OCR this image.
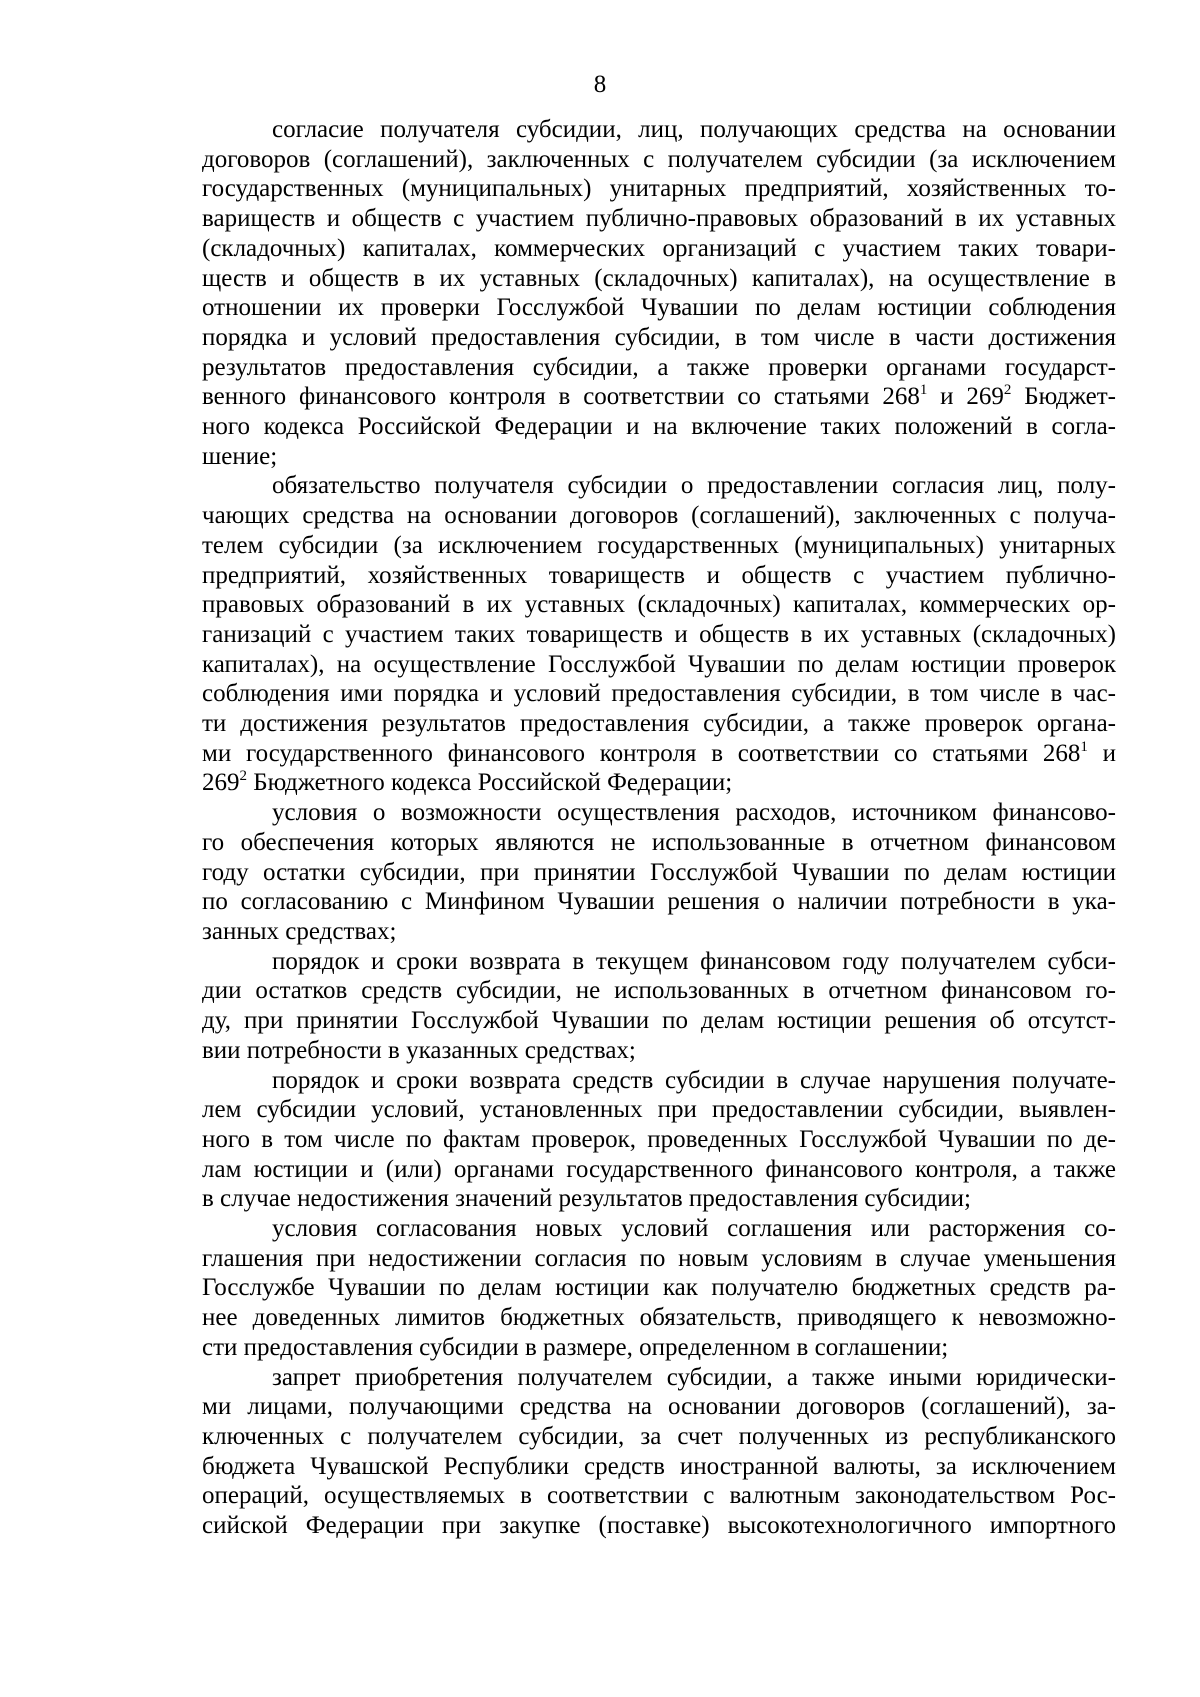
8
согласие получателя субсидии, лиц, получающих средства на основании
договоров (соглашений), заключенных с получателем субсидии (за исключением
государственных (муниципальных) унитарных предприятий, хозяйственных то-
вариществ и обществ с участием публично-правовых образований в их уставных
(складочных) капиталах, коммерческих организаций с участием таких товари-
ществ и обществ в их уставных (складочных) капиталах), на осуществление в
отношении их проверки Госслужбой Чувашии по делам юстиции соблюдения
порядка и условий предоставления субсидии, в том числе в части достижения
результатов предоставления субсидии, а также проверки органами государст-
венного финансового контроля в соответствии со статьями $268^1$ и $269^2$ Бюджет-
ного кодекса Российской Федерации и на включение таких положений в согла-
шение;
обязательство получателя субсидии о предоставлении согласия лиц, полу-
чающих средства на основании договоров (соглашений), заключенных с получа-
телем субсидии (за исключением государственных (муниципальных) унитарных
предприятий, хозяйственных товариществ и обществ с участием публично-
правовых образований в их уставных (складочных) капиталах, коммерческих ор-
ганизаций с участием таких товариществ и обществ в их уставных (складочных)
капиталах), на осуществление Госслужбой Чувашии по делам юстиции проверок
соблюдения ими порядка и условий предоставления субсидии, в том числе в час-
ти достижения результатов предоставления субсидии, а также проверок органа-
ми государственного финансового контроля в соответствии со статьями $268^1$ и
$269^2$ Бюджетного кодекса Российской Федерации;
условия о возможности осуществления расходов, источником финансово-
го обеспечения которых являются не использованные в отчетном финансовом
году остатки субсидии, при принятии Госслужбой Чувашии по делам юстиции
по согласованию с Минфином Чувашии решения о наличии потребности в ука-
занных средствах;
порядок и сроки возврата в текущем финансовом году получателем субси-
дии остатков средств субсидии, не использованных в отчетном финансовом го-
ду, при принятии Госслужбой Чувашии по делам юстиции решения об отсутст-
вии потребности в указанных средствах;
порядок и сроки возврата средств субсидии в случае нарушения получате-
лем субсидии условий, установленных при предоставлении субсидии, выявлен-
ного в том числе по фактам проверок, проведенных Госслужбой Чувашии по де-
лам юстиции и (или) органами государственного финансового контроля, а также
в случае недостижения значений результатов предоставления субсидии;
условия согласования новых условий соглашения или расторжения со-
глашения при недостижении согласия по новым условиям в случае уменьшения
Госслужбе Чувашии по делам юстиции как получателю бюджетных средств ра-
нее доведенных лимитов бюджетных обязательств, приводящего к невозможно-
сти предоставления субсидии в размере, определенном в соглашении;
запрет приобретения получателем субсидии, а также иными юридически-
ми лицами, получающими средства на основании договоров (соглашений), за-
ключенных с получателем субсидии, за счет полученных из республиканского
бюджета Чувашской Республики средств иностранной валюты, за исключением
операций, осуществляемых в соответствии с валютным законодательством Рос-
сийской Федерации при закупке (поставке) высокотехнологичного импортного
